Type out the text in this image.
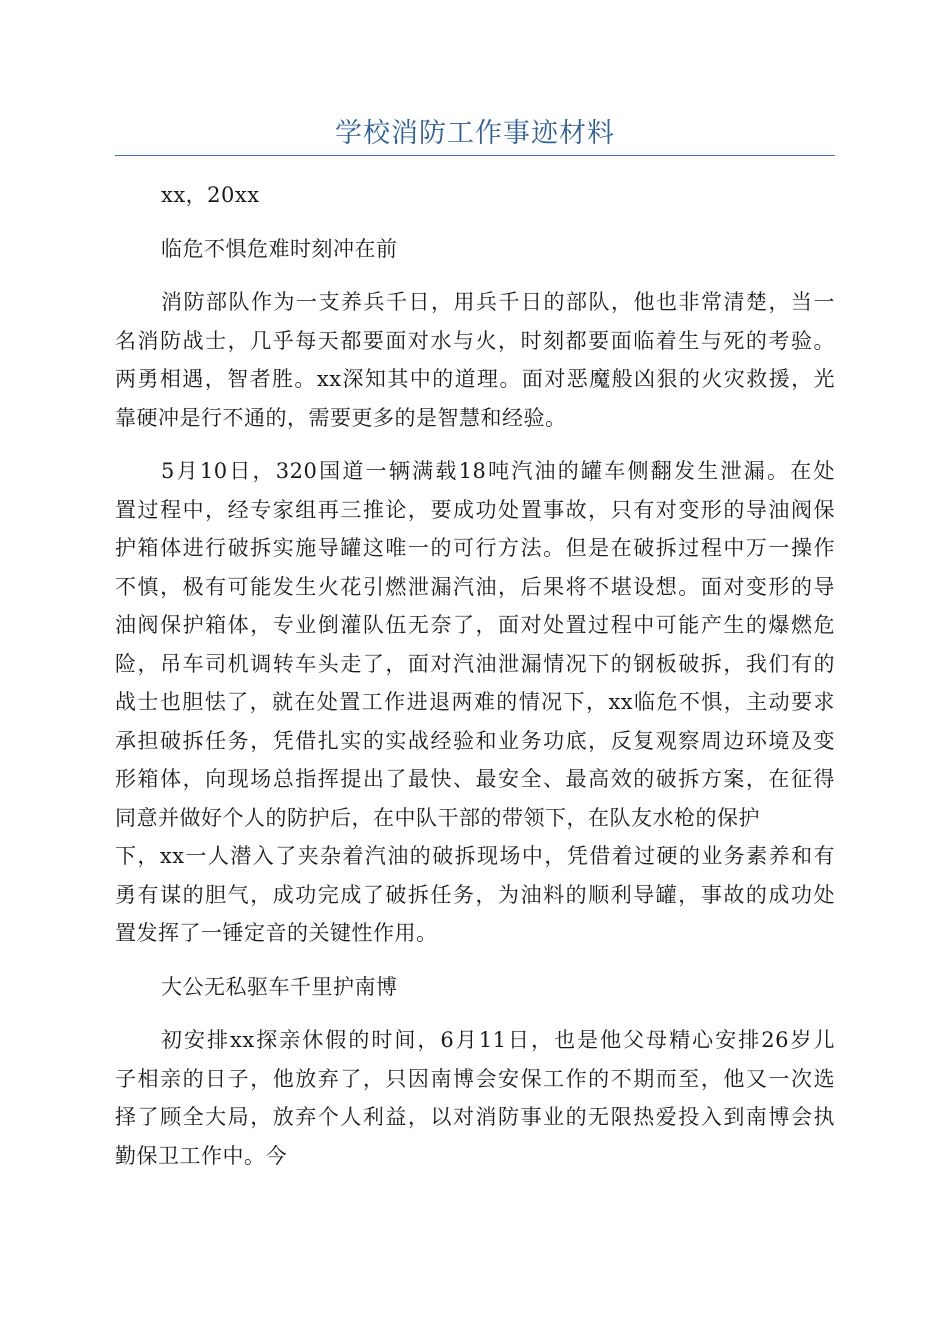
学校消防工作事迹材料

xx，20xx

临危不惧危难时刻冲在前

消防部队作为一支养兵千日，用兵千日的部队，他也非常清楚，当一

名消防战士，几乎每天都要面对水与火，时刻都要面临着生与死的考验。

两勇相遇，智者胜。xx深知其中的道理。面对恶魔般凶狠的火灾救援，光

靠硬冲是行不通的，需要更多的是智慧和经验。

5月10日，320国道一辆满载18吨汽油的罐车侧翻发生泄漏。在处

置过程中，经专家组再三推论，要成功处置事故，只有对变形的导油阀保

护箱体进行破拆实施导罐这唯一的可行方法。但是在破拆过程中万一操作

不慎，极有可能发生火花引燃泄漏汽油，后果将不堪设想。面对变形的导

油阀保护箱体，专业倒灌队伍无奈了，面对处置过程中可能产生的爆燃危

险，吊车司机调转车头走了，面对汽油泄漏情况下的钢板破拆，我们有的

战士也胆怯了，就在处置工作进退两难的情况下，xx临危不惧，主动要求

承担破拆任务，凭借扎实的实战经验和业务功底，反复观察周边环境及变

形箱体，向现场总指挥提出了最快、最安全、最高效的破拆方案，在征得

同意并做好个人的防护后，在中队干部的带领下，在队友水枪的保护

下，xx一人潜入了夹杂着汽油的破拆现场中，凭借着过硬的业务素养和有

勇有谋的胆气，成功完成了破拆任务，为油料的顺利导罐，事故的成功处

置发挥了一锤定音的关键性作用。

大公无私驱车千里护南博

初安排xx探亲休假的时间，6月11日，也是他父母精心安排26岁儿

子相亲的日子，他放弃了，只因南博会安保工作的不期而至，他又一次选

择了顾全大局，放弃个人利益，以对消防事业的无限热爱投入到南博会执

勤保卫工作中。今
